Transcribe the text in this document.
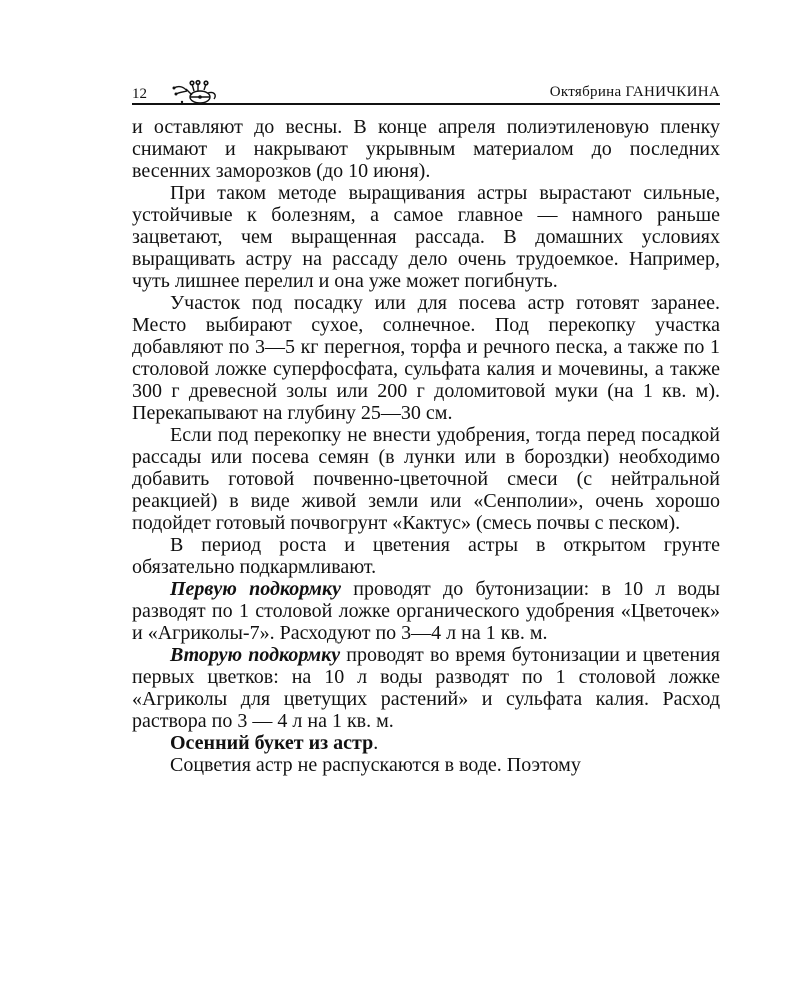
12	Октябрина ГАНИЧКИНА

и оставляют до весны. В конце апреля полиэтиленовую пленку снимают и накрывают укрывным материалом до последних весенних заморозков (до 10 июня).

При таком методе выращивания астры вырастают сильные, устойчивые к болезням, а самое главное — намного раньше зацветают, чем выращенная рассада. В домашних условиях выращивать астру на рассаду дело очень трудоемкое. Например, чуть лишнее перелил и она уже может погибнуть.

Участок под посадку или для посева астр готовят заранее. Место выбирают сухое, солнечное. Под перекопку участка добавляют по 3—5 кг перегноя, торфа и речного песка, а также по 1 столовой ложке суперфосфата, сульфата калия и мочевины, а также 300 г древесной золы или 200 г доломитовой муки (на 1 кв. м). Перекапывают на глубину 25—30 см.

Если под перекопку не внести удобрения, тогда перед посадкой рассады или посева семян (в лунки или в бороздки) необходимо добавить готовой почвенно-цветочной смеси (с нейтральной реакцией) в виде живой земли или «Сенполии», очень хорошо подойдет готовый почвогрунт «Кактус» (смесь почвы с песком).

В период роста и цветения астры в открытом грунте обязательно подкармливают.

Первую подкормку проводят до бутонизации: в 10 л воды разводят по 1 столовой ложке органического удобрения «Цветочек» и «Агриколы-7». Расходуют по 3—4 л на 1 кв. м.

Вторую подкормку проводят во время бутонизации и цветения первых цветков: на 10 л воды разводят по 1 столовой ложке «Агриколы для цветущих растений» и сульфата калия. Расход раствора по 3 — 4 л на 1 кв. м.

Осенний букет из астр.

Соцветия астр не распускаются в воде. Поэтому
